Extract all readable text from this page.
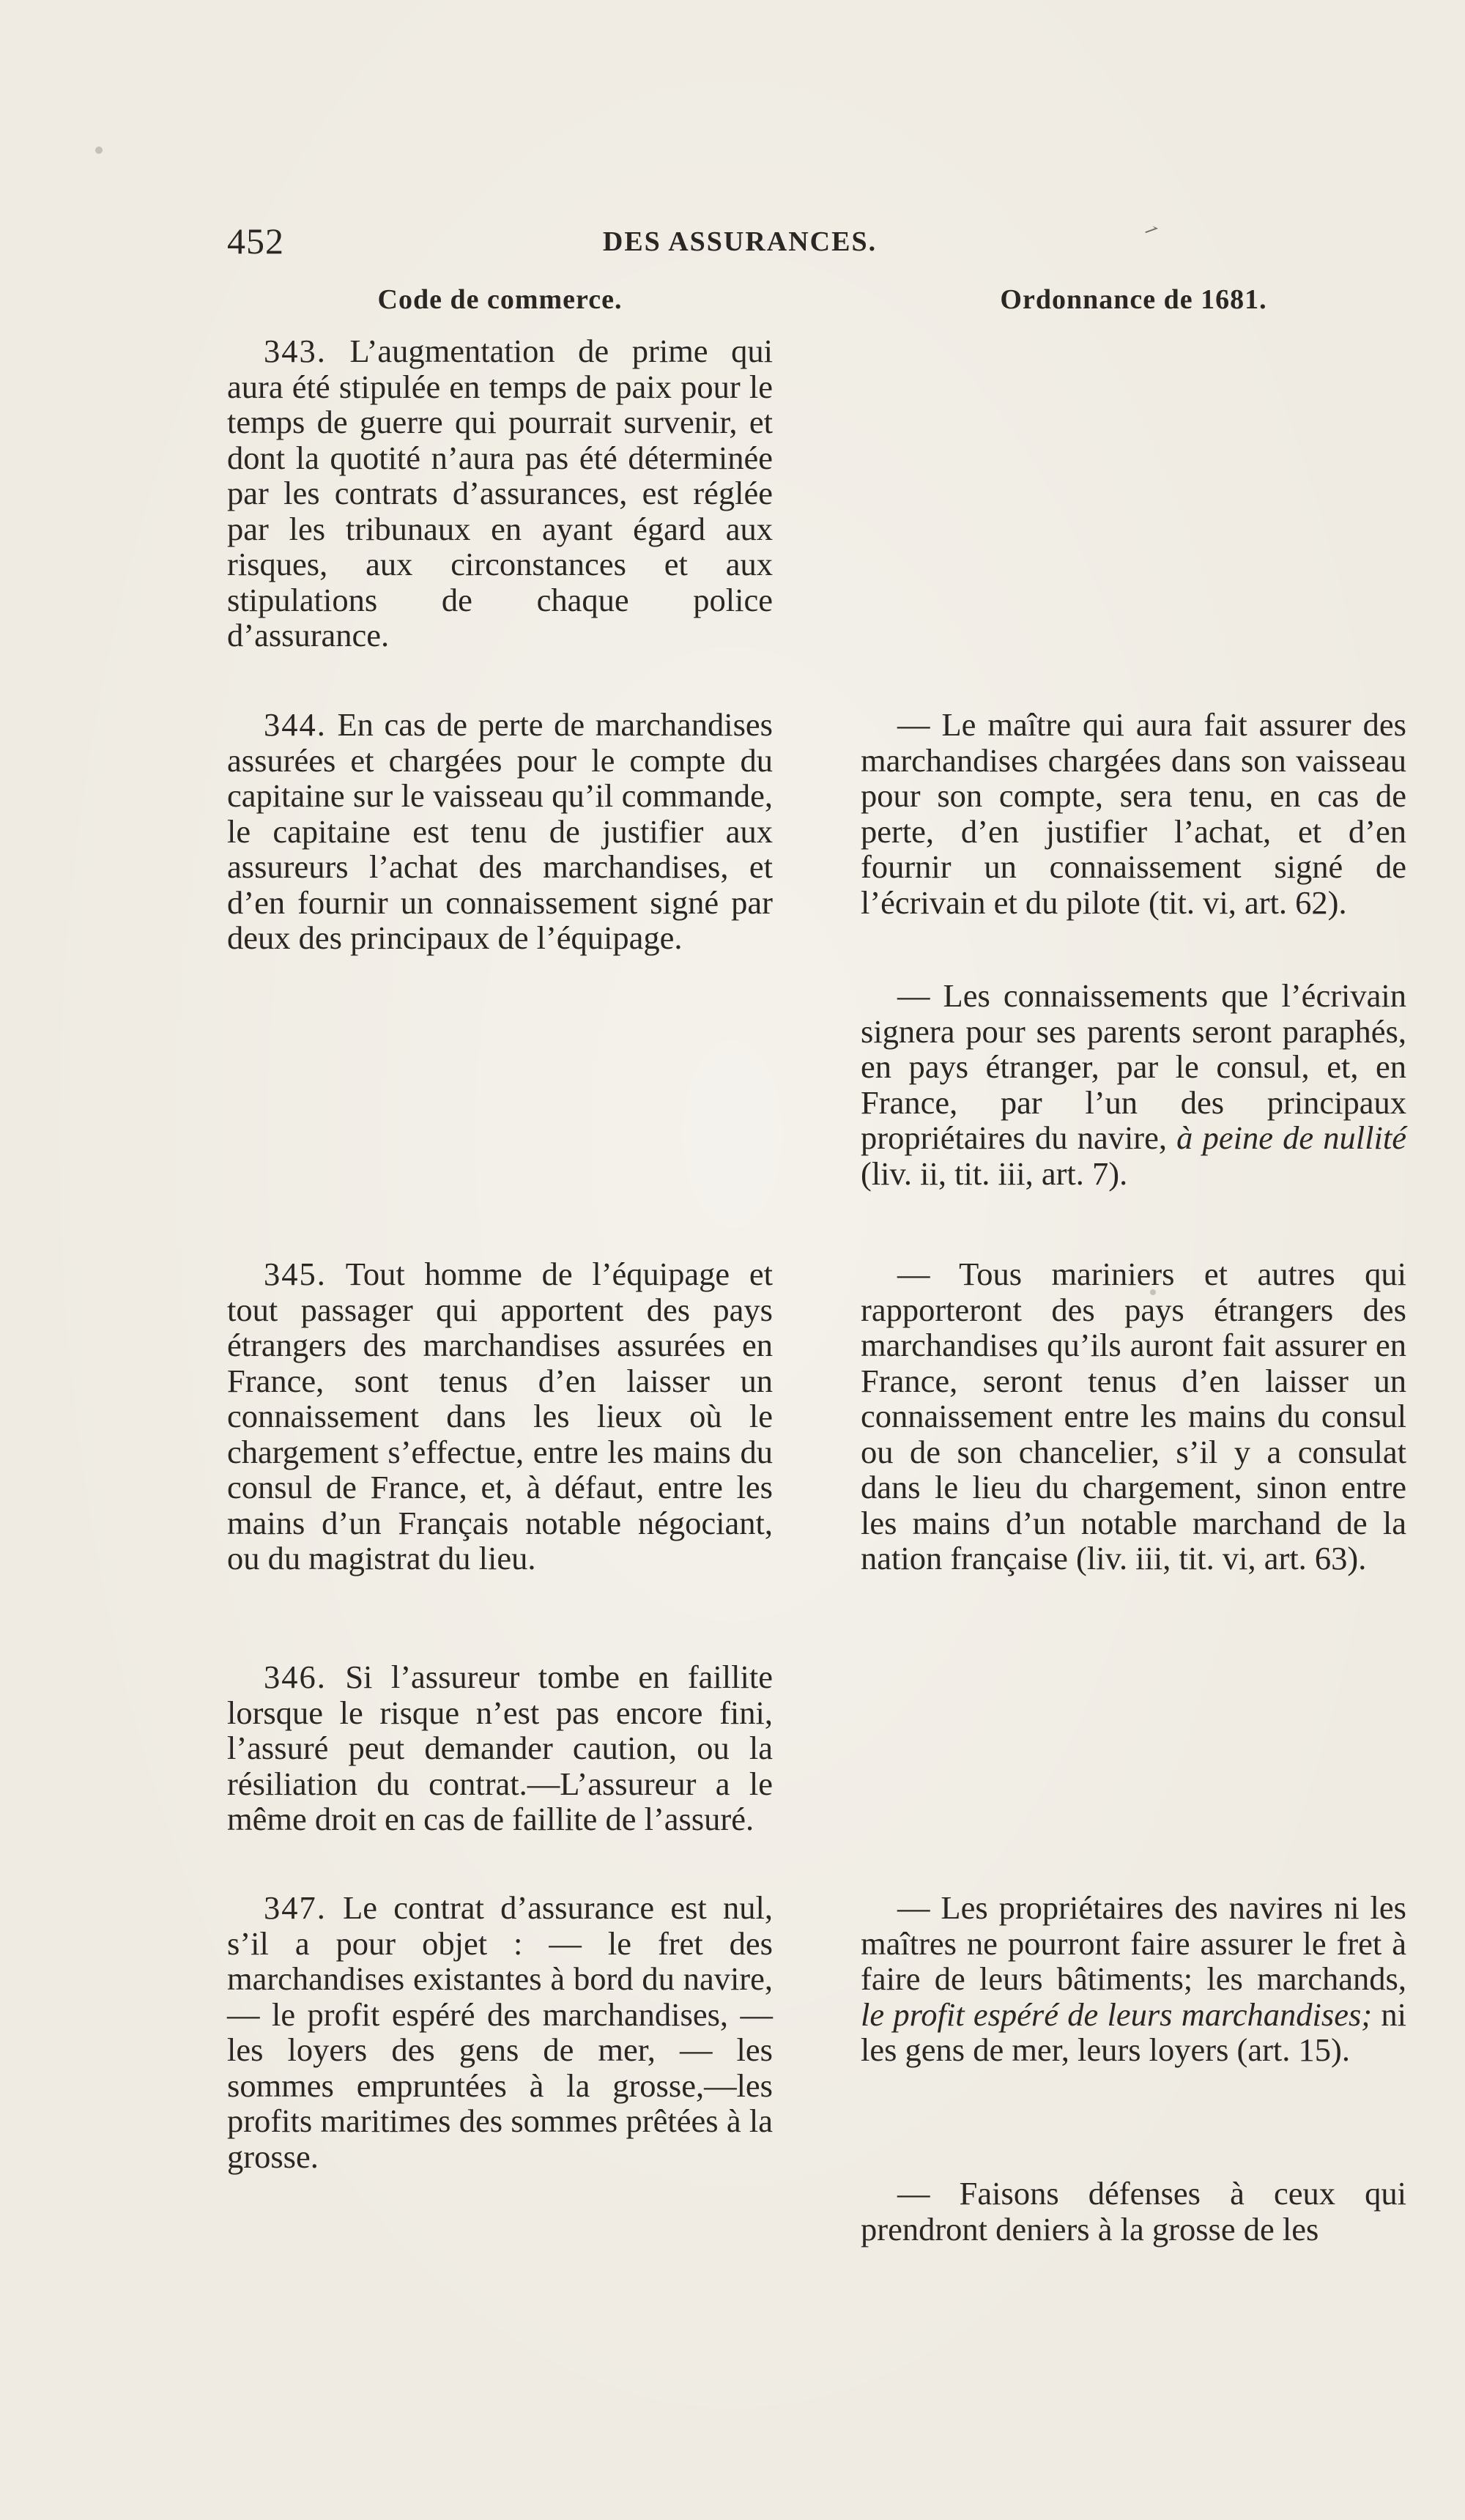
452	DES ASSURANCES.	⇀
Code de commerce.

343. L’augmentation de prime qui aura été stipulée en temps de paix pour le temps de guerre qui pourrait survenir, et dont la quotité n’aura pas été déterminée par les contrats d’assurances, est réglée par les tribunaux en ayant égard aux risques, aux circonstances et aux stipulations de chaque police d’assurance.

344. En cas de perte de marchandises assurées et chargées pour le compte du capitaine sur le vaisseau qu’il commande, le capitaine est tenu de justifier aux assureurs l’achat des marchandises, et d’en fournir un connaissement signé par deux des principaux de l’équipage.

345. Tout homme de l’équipage et tout passager qui apportent des pays étrangers des marchandises assurées en France, sont tenus d’en laisser un connaissement dans les lieux où le chargement s’effectue, entre les mains du consul de France, et, à défaut, entre les mains d’un Français notable négociant, ou du magistrat du lieu.

346. Si l’assureur tombe en faillite lorsque le risque n’est pas encore fini, l’assuré peut demander caution, ou la résiliation du contrat.—L’assureur a le même droit en cas de faillite de l’assuré.

347. Le contrat d’assurance est nul, s’il a pour objet : — le fret des marchandises existantes à bord du navire, — le profit espéré des marchandises, — les loyers des gens de mer, — les sommes empruntées à la grosse,—les profits maritimes des sommes prêtées à la grosse.

Ordonnance de 1681.

— Le maître qui aura fait assurer des marchandises chargées dans son vaisseau pour son compte, sera tenu, en cas de perte, d’en justifier l’achat, et d’en fournir un connaissement signé de l’écrivain et du pilote (tit. vi, art. 62).

— Les connaissements que l’écrivain signera pour ses parents seront paraphés, en pays étranger, par le consul, et, en France, par l’un des principaux propriétaires du navire, à peine de nullité (liv. ii, tit. iii, art. 7).

— Tous mariniers et autres qui rapporteront des pays étrangers des marchandises qu’ils auront fait assurer en France, seront tenus d’en laisser un connaissement entre les mains du consul ou de son chancelier, s’il y a consulat dans le lieu du chargement, sinon entre les mains d’un notable marchand de la nation française (liv. iii, tit. vi, art. 63).

— Les propriétaires des navires ni les maîtres ne pourront faire assurer le fret à faire de leurs bâtiments; les marchands, le profit espéré de leurs marchandises; ni les gens de mer, leurs loyers (art. 15).

— Faisons défenses à ceux qui prendront deniers à la grosse de les
